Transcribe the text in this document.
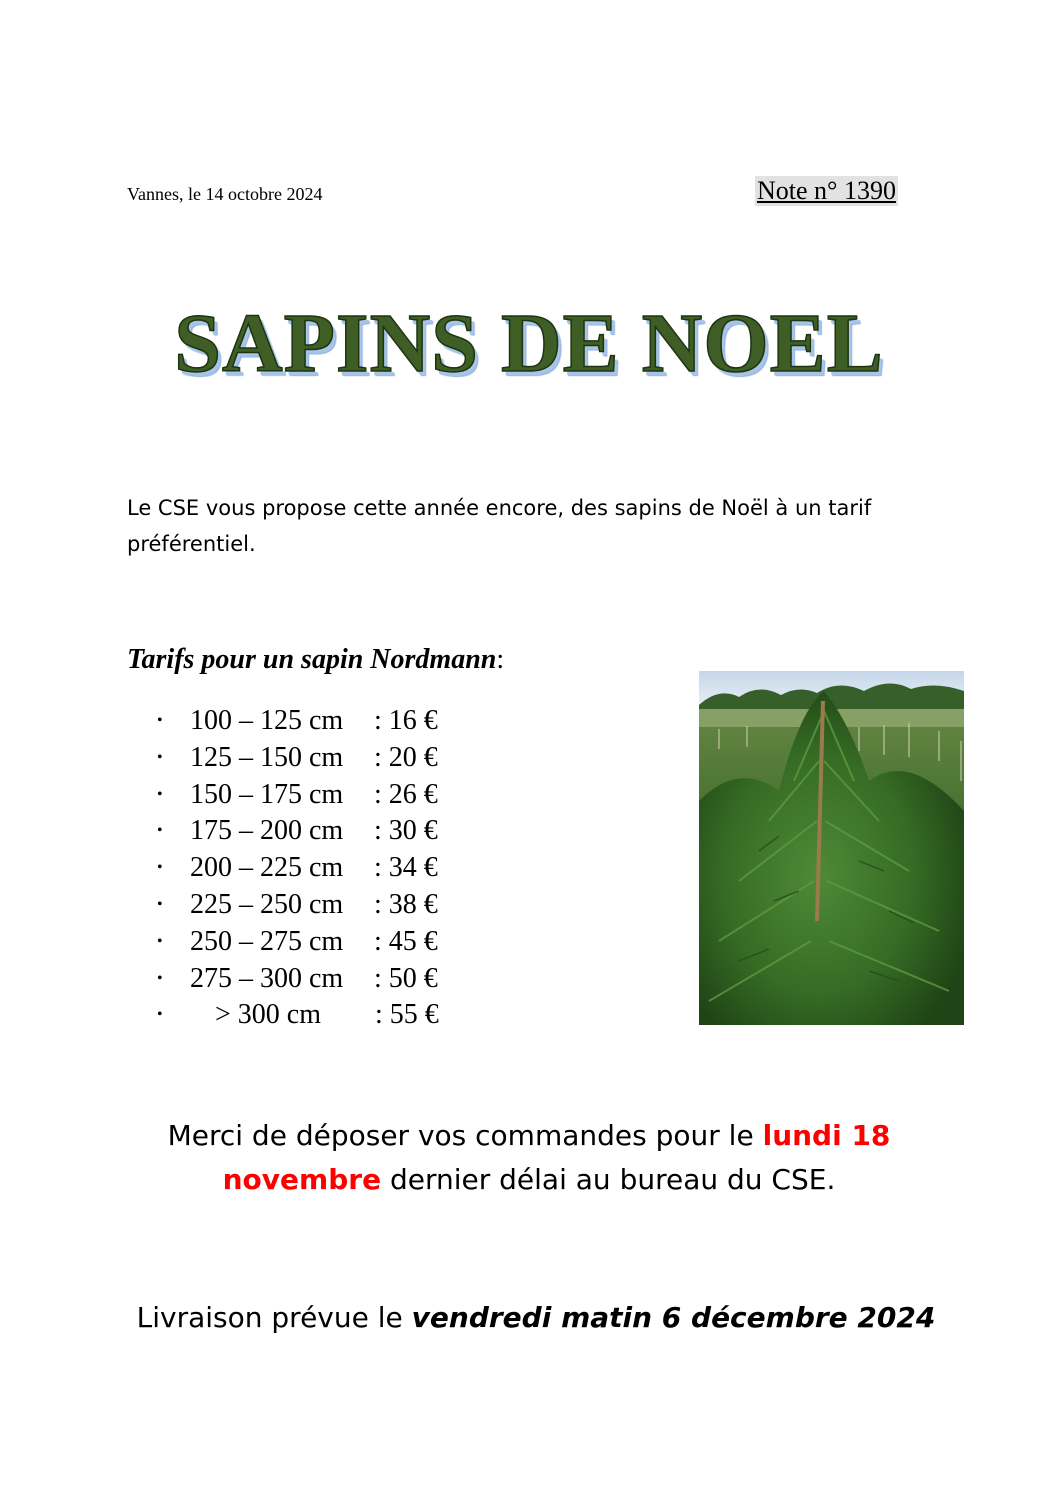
Vannes, le 14 octobre 2024	Note n° 1390
SAPINS DE NOEL
Le CSE vous propose cette année encore, des sapins de Noël à un tarif
préférentiel.
Tarifs pour un sapin Nordmann:
• 100 – 125 cm : 16 €
• 125 – 150 cm : 20 €
• 150 – 175 cm : 26 €
• 175 – 200 cm : 30 €
• 200 – 225 cm : 34 €
• 225 – 250 cm : 38 €
• 250 – 275 cm : 45 €
• 275 – 300 cm : 50 €
• > 300 cm : 55 €
Merci de déposer vos commandes pour le lundi 18
novembre dernier délai au bureau du CSE.
Livraison prévue le vendredi matin 6 décembre 2024
